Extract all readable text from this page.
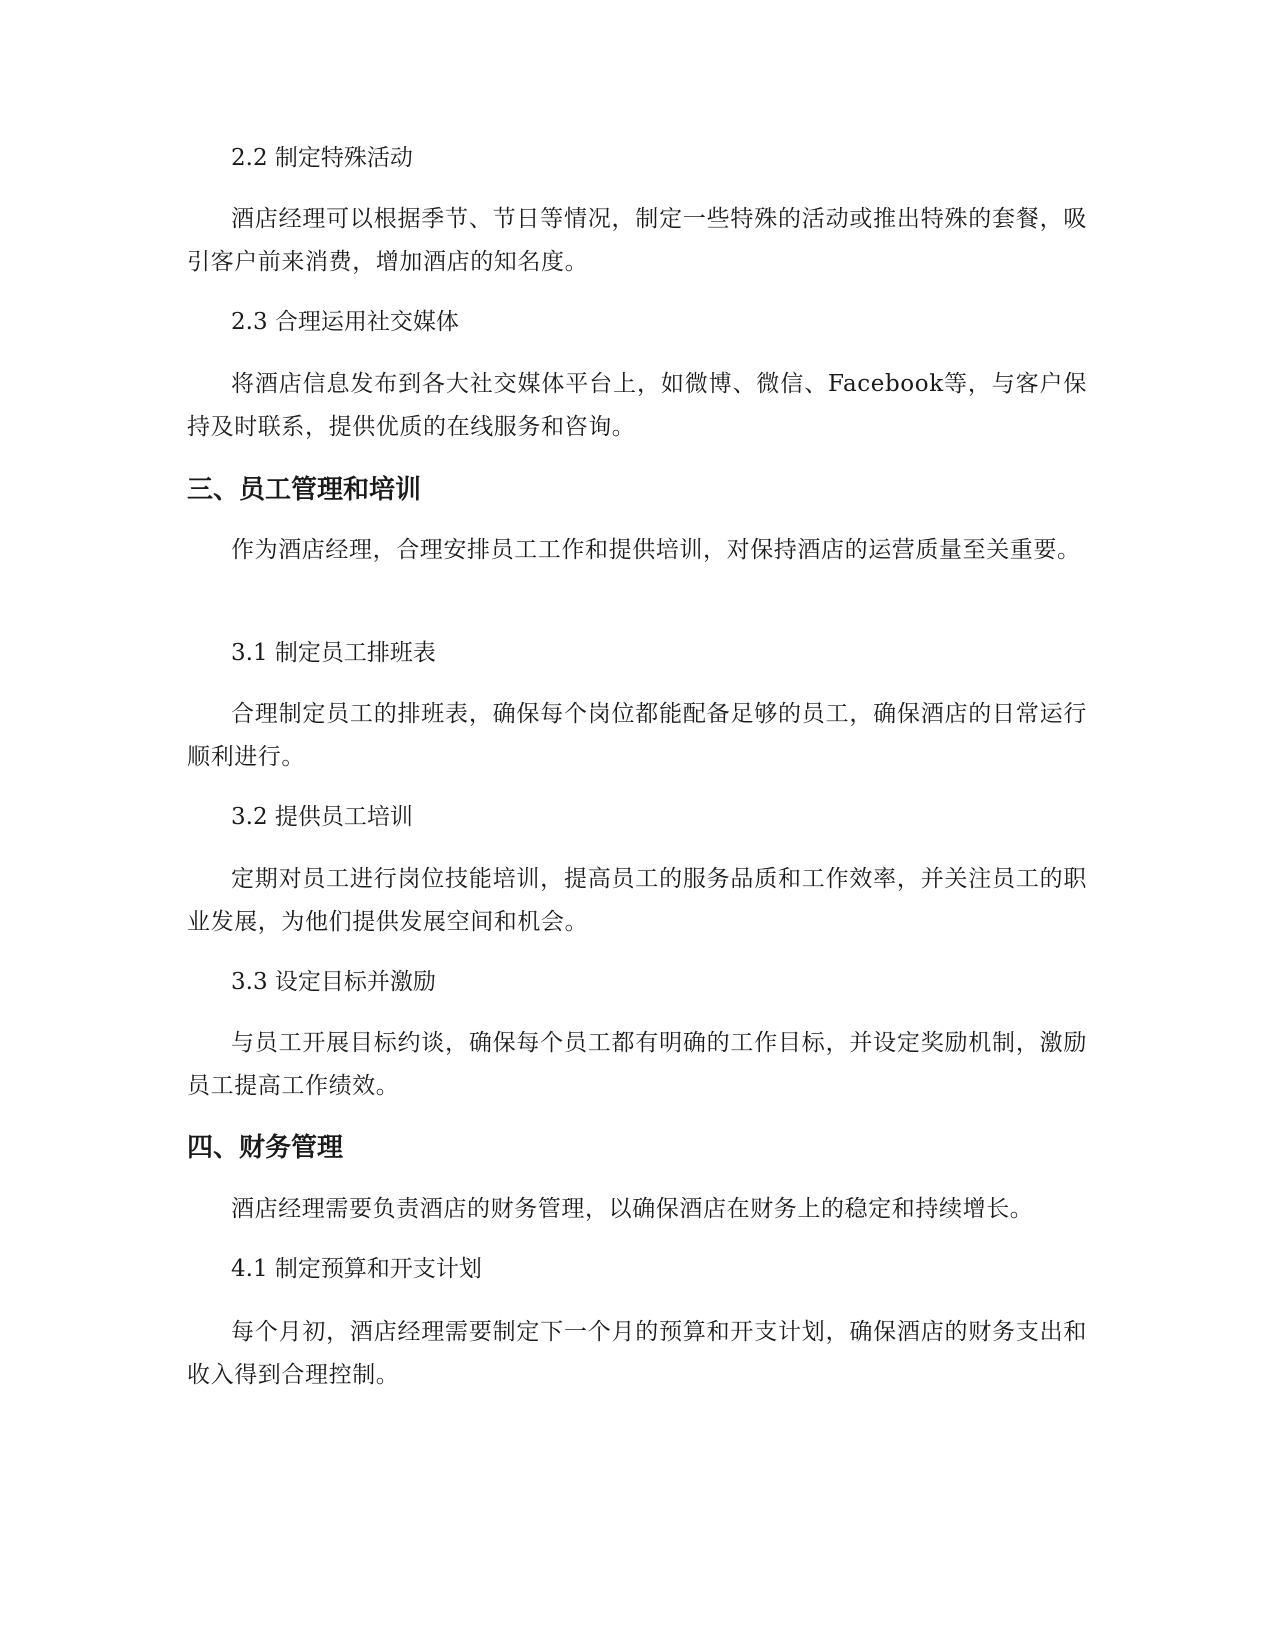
2.2 制定特殊活动
酒店经理可以根据季节、节日等情况，制定一些特殊的活动或推出特殊的套餐，吸引客户前来消费，增加酒店的知名度。
2.3 合理运用社交媒体
将酒店信息发布到各大社交媒体平台上，如微博、微信、Facebook等，与客户保持及时联系，提供优质的在线服务和咨询。
三、员工管理和培训
作为酒店经理，合理安排员工工作和提供培训，对保持酒店的运营质量至关重要。
3.1 制定员工排班表
合理制定员工的排班表，确保每个岗位都能配备足够的员工，确保酒店的日常运行顺利进行。
3.2 提供员工培训
定期对员工进行岗位技能培训，提高员工的服务品质和工作效率，并关注员工的职业发展，为他们提供发展空间和机会。
3.3 设定目标并激励
与员工开展目标约谈，确保每个员工都有明确的工作目标，并设定奖励机制，激励员工提高工作绩效。
四、财务管理
酒店经理需要负责酒店的财务管理，以确保酒店在财务上的稳定和持续增长。
4.1 制定预算和开支计划
每个月初，酒店经理需要制定下一个月的预算和开支计划，确保酒店的财务支出和收入得到合理控制。
